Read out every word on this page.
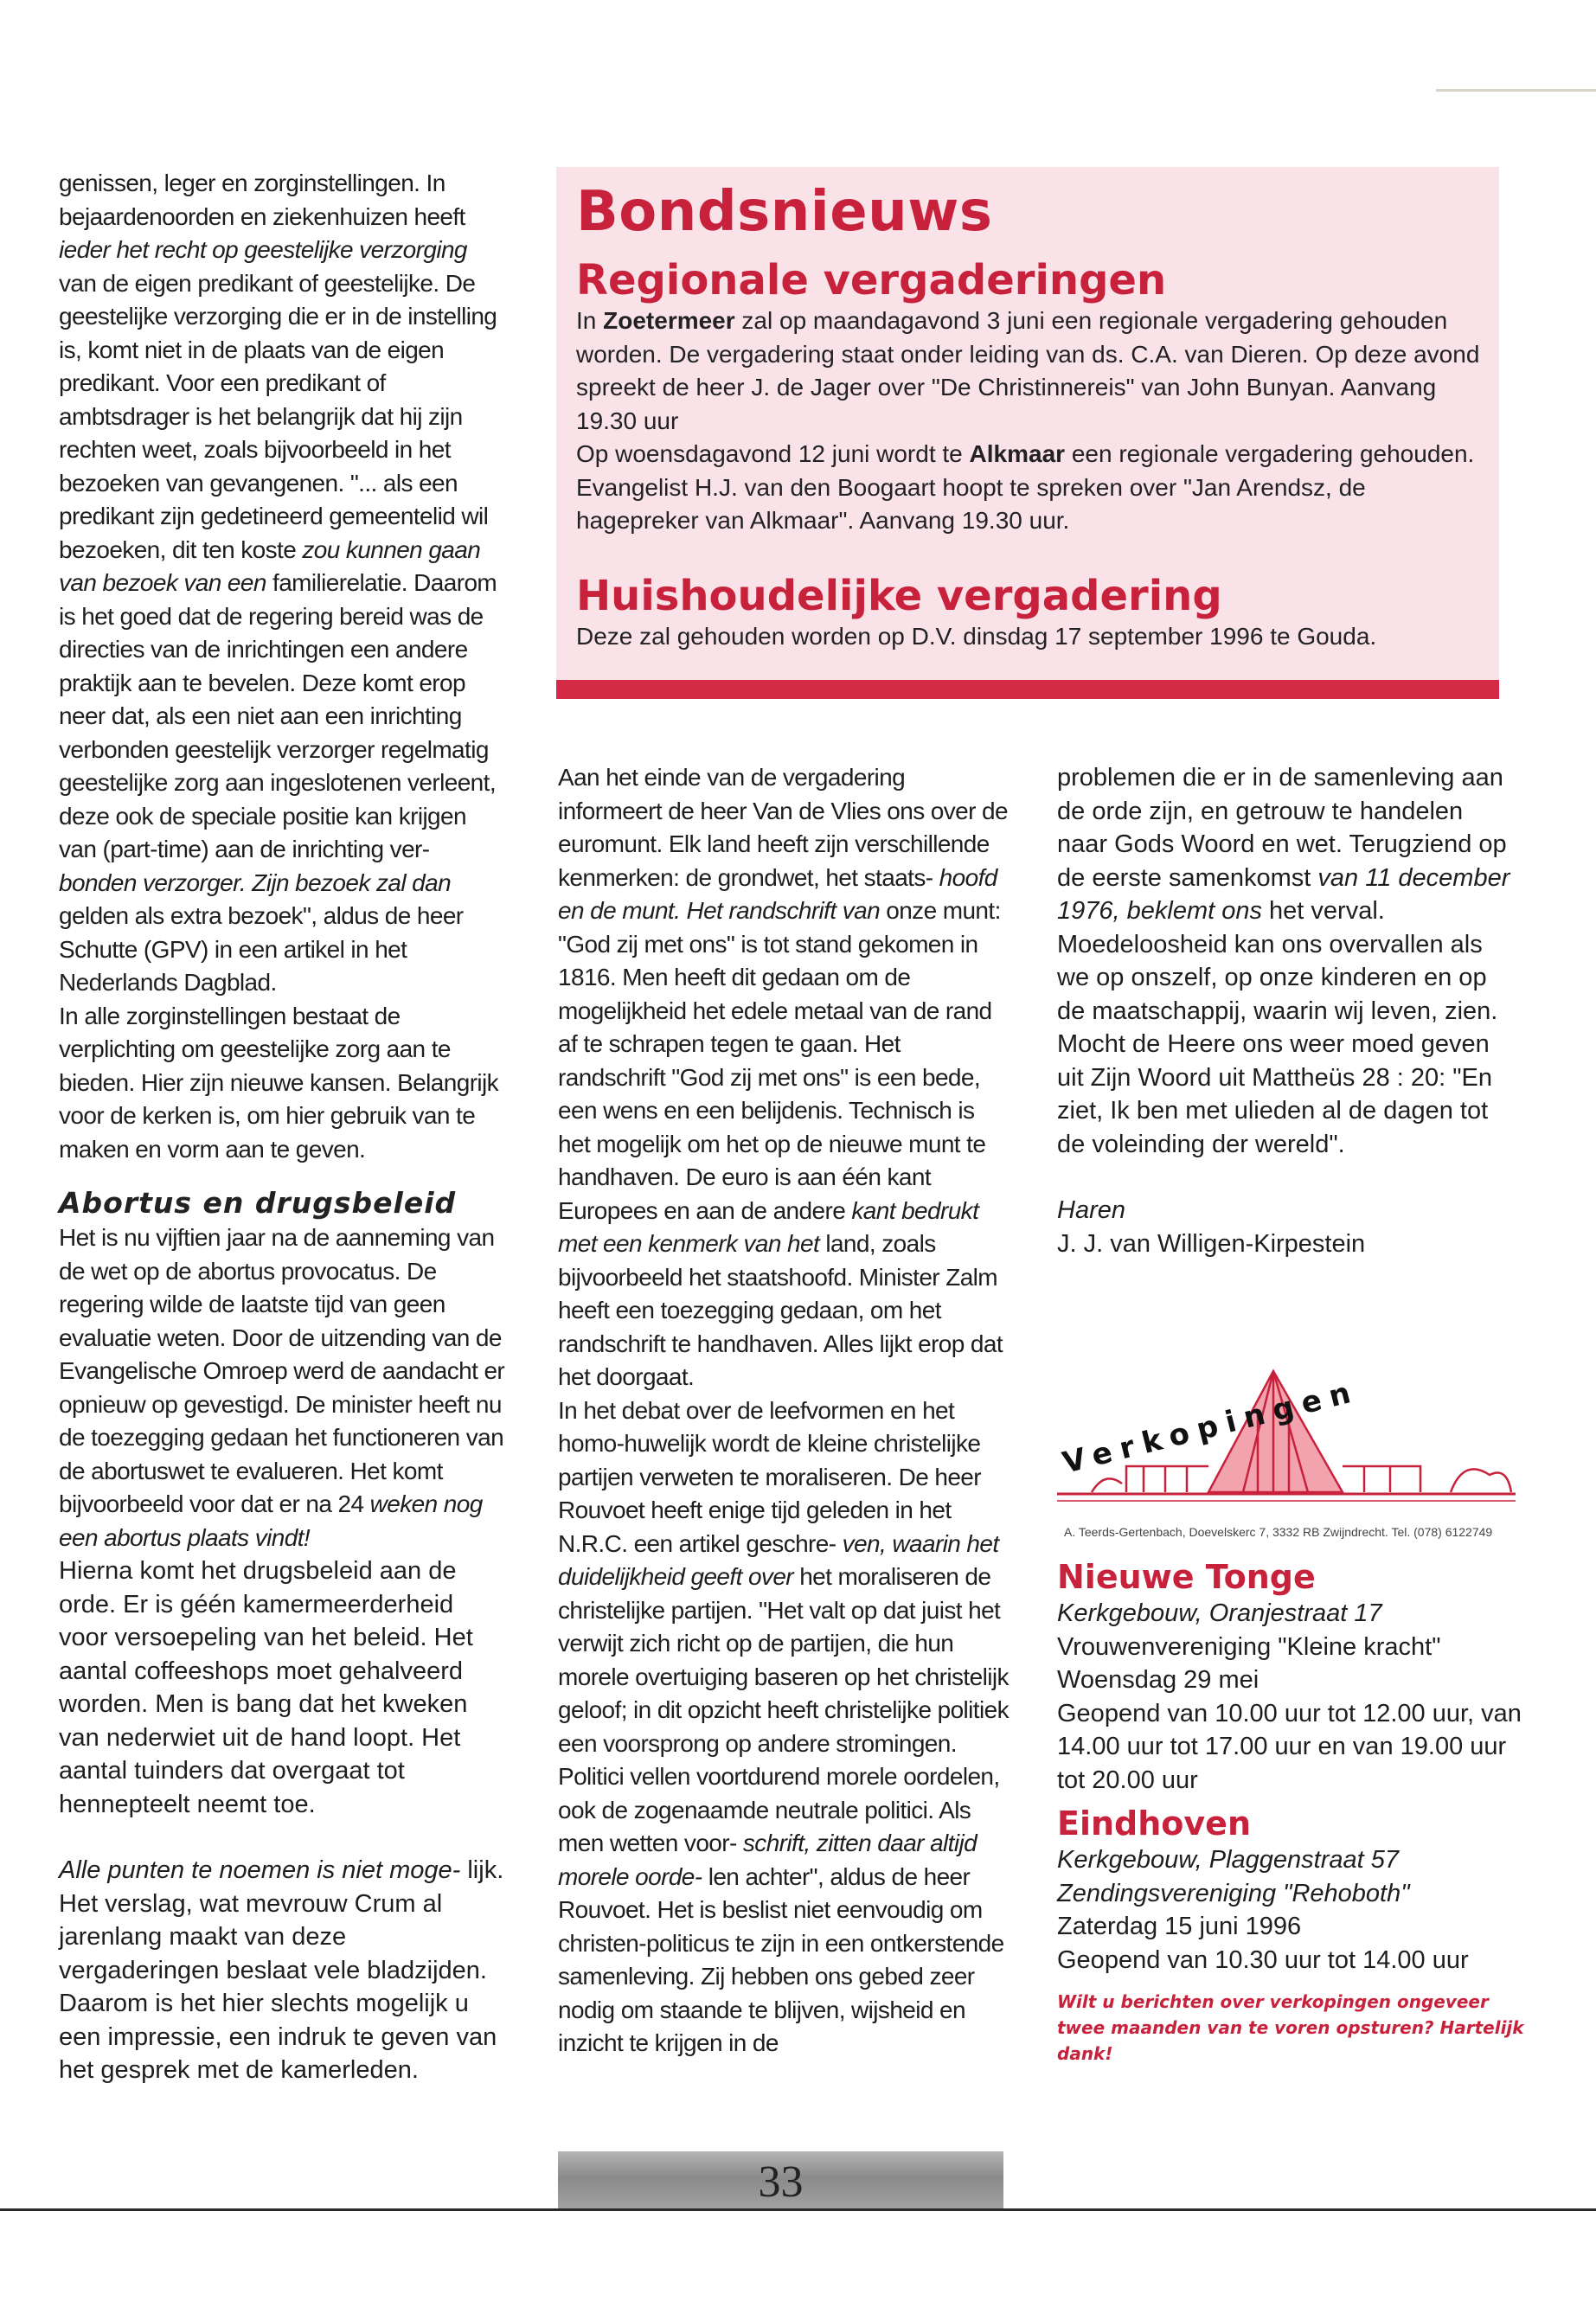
genissen, leger en zorginstellingen. In bejaardenoorden en ziekenhuizen heeft ieder het recht op geestelijke verzorging van de eigen predikant of geestelijke. De geestelijke verzorging die er in de instelling is, komt niet in de plaats van de eigen predikant. Voor een predikant of ambtsdrager is het belangrijk dat hij zijn rechten weet, zoals bijvoorbeeld in het bezoeken van gevangenen. "... als een predikant zijn gedetineerd gemeentelid wil bezoeken, dit ten koste zou kunnen gaan van bezoek van een familierelatie. Daarom is het goed dat de regering bereid was de directies van de inrichtingen een andere praktijk aan te bevelen. Deze komt erop neer dat, als een niet aan een inrichting verbonden geestelijk verzorger regelmatig geestelijke zorg aan ingeslotenen verleent, deze ook de speciale positie kan krijgen van (part-time) aan de inrichting ver- bonden verzorger. Zijn bezoek zal dan gelden als extra bezoek", aldus de heer Schutte (GPV) in een artikel in het Nederlands Dagblad.

In alle zorginstellingen bestaat de verplichting om geestelijke zorg aan te bieden. Hier zijn nieuwe kansen. Belangrijk voor de kerken is, om hier gebruik van te maken en vorm aan te geven.

Abortus en drugsbeleid

Het is nu vijftien jaar na de aanneming van de wet op de abortus provocatus. De regering wilde de laatste tijd van geen evaluatie weten. Door de uitzending van de Evangelische Omroep werd de aandacht er opnieuw op gevestigd. De minister heeft nu de toezegging gedaan het functioneren van de abortuswet te evalueren. Het komt bijvoorbeeld voor dat er na 24 weken nog een abortus plaats vindt!

Hierna komt het drugsbeleid aan de orde. Er is géén kamermeerderheid voor versoepeling van het beleid. Het aantal coffeeshops moet gehalveerd worden. Men is bang dat het kweken van nederwiet uit de hand loopt. Het aantal tuinders dat overgaat tot hennepteelt neemt toe.

Alle punten te noemen is niet moge- lijk. Het verslag, wat mevrouw Crum al jarenlang maakt van deze vergaderingen beslaat vele bladzijden. Daarom is het hier slechts mogelijk u een impressie, een indruk te geven van het gesprek met de kamerleden.

Bondsnieuws
Regionale vergaderingen

In Zoetermeer zal op maandagavond 3 juni een regionale vergadering gehouden worden. De vergadering staat onder leiding van ds. C.A. van Dieren. Op deze avond spreekt de heer J. de Jager over "De Christinnereis" van John Bunyan. Aanvang 19.30 uur

Op woensdagavond 12 juni wordt te Alkmaar een regionale vergadering gehouden. Evangelist H.J. van den Boogaart hoopt te spreken over "Jan Arendsz, de hagepreker van Alkmaar". Aanvang 19.30 uur.

Huishoudelijke vergadering

Deze zal gehouden worden op D.V. dinsdag 17 september 1996 te Gouda.

Aan het einde van de vergadering informeert de heer Van de Vlies ons over de euromunt. Elk land heeft zijn verschillende kenmerken: de grondwet, het staats- hoofd en de munt. Het randschrift van onze munt: "God zij met ons" is tot stand gekomen in 1816. Men heeft dit gedaan om de mogelijkheid het edele metaal van de rand af te schrapen tegen te gaan. Het randschrift "God zij met ons" is een bede, een wens en een belijdenis. Technisch is het mogelijk om het op de nieuwe munt te handhaven. De euro is aan één kant Europees en aan de andere kant bedrukt met een kenmerk van het land, zoals bijvoorbeeld het staatshoofd. Minister Zalm heeft een toezegging gedaan, om het randschrift te handhaven. Alles lijkt erop dat het doorgaat.

In het debat over de leefvormen en het homo-huwelijk wordt de kleine christelijke partijen verweten te moraliseren. De heer Rouvoet heeft enige tijd geleden in het N.R.C. een artikel geschre- ven, waarin het duidelijkheid geeft over het moraliseren de christelijke partijen. "Het valt op dat juist het verwijt zich richt op de partijen, die hun morele overtuiging baseren op het christelijk geloof; in dit opzicht heeft christelijke politiek een voorsprong op andere stromingen. Politici vellen voortdurend morele oordelen, ook de zogenaamde neutrale politici. Als men wetten voor- schrift, zitten daar altijd morele oorde- len achter", aldus de heer Rouvoet. Het is beslist niet eenvoudig om christen-politicus te zijn in een ontkerstende samenleving. Zij hebben ons gebed zeer nodig om staande te blijven, wijsheid en inzicht te krijgen in de

problemen die er in de samenleving aan de orde zijn, en getrouw te handelen naar Gods Woord en wet. Terugziend op de eerste samenkomst van 11 december 1976, beklemt ons het verval. Moedeloosheid kan ons overvallen als we op onszelf, op onze kinderen en op de maatschappij, waarin wij leven, zien. Mocht de Heere ons weer moed geven uit Zijn Woord uit Mattheüs 28 : 20: "En ziet, Ik ben met ulieden al de dagen tot de voleinding der wereld".

Haren

J. J. van Willigen-Kirpestein

Verkopingen
A. Teerds-Gertenbach, Doevelskerc 7, 3332 RB Zwijndrecht. Tel. (078) 6122749

Nieuwe Tonge

Kerkgebouw, Oranjestraat 17

Vrouwenvereniging "Kleine kracht"

Woensdag 29 mei

Geopend van 10.00 uur tot 12.00 uur, van 14.00 uur tot 17.00 uur en van 19.00 uur tot 20.00 uur

Eindhoven

Kerkgebouw, Plaggenstraat 57

Zendingsvereniging "Rehoboth"

Zaterdag 15 juni 1996

Geopend van 10.30 uur tot 14.00 uur

Wilt u berichten over verkopingen ongeveer twee maanden van te voren opsturen? Hartelijk dank!

33
